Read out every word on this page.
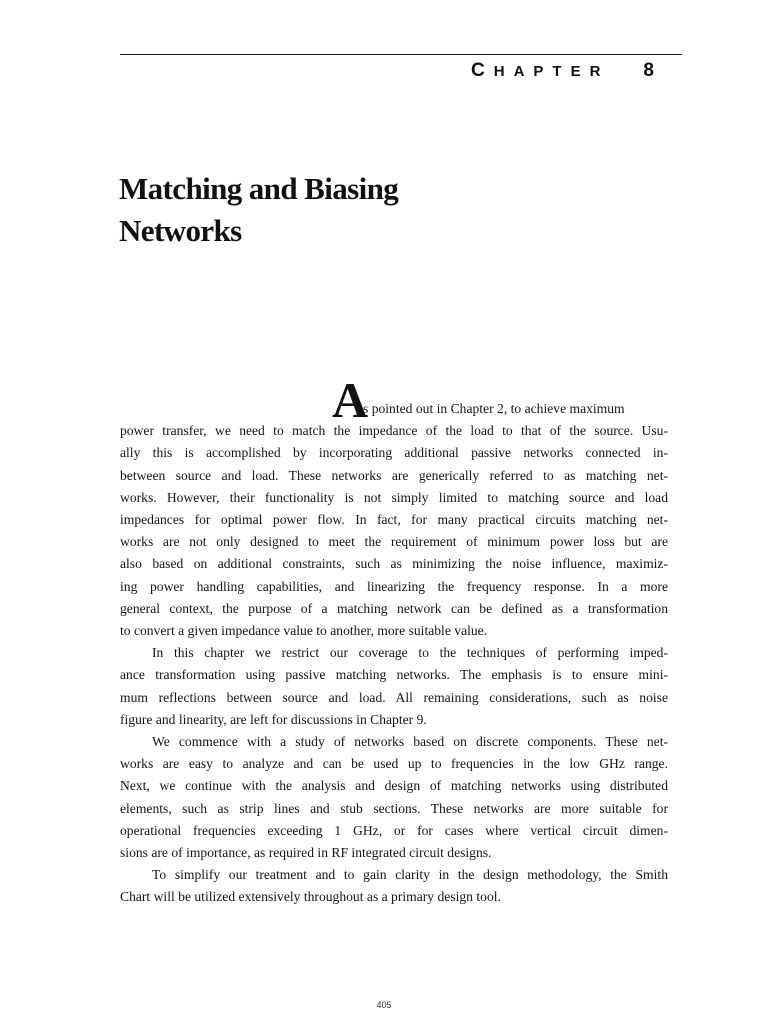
CHAPTER 8
Matching and Biasing
Networks
A
s pointed out in Chapter 2, to achieve maximum
power transfer, we need to match the impedance of the load to that of the source. Usu-
ally this is accomplished by incorporating additional passive networks connected in-
between source and load. These networks are generically referred to as matching net-
works. However, their functionality is not simply limited to matching source and load
impedances for optimal power flow. In fact, for many practical circuits matching net-
works are not only designed to meet the requirement of minimum power loss but are
also based on additional constraints, such as minimizing the noise influence, maximiz-
ing power handling capabilities, and linearizing the frequency response. In a more
general context, the purpose of a matching network can be defined as a transformation
to convert a given impedance value to another, more suitable value.
In this chapter we restrict our coverage to the techniques of performing imped-
ance transformation using passive matching networks. The emphasis is to ensure mini-
mum reflections between source and load. All remaining considerations, such as noise
figure and linearity, are left for discussions in Chapter 9.
We commence with a study of networks based on discrete components. These net-
works are easy to analyze and can be used up to frequencies in the low GHz range.
Next, we continue with the analysis and design of matching networks using distributed
elements, such as strip lines and stub sections. These networks are more suitable for
operational frequencies exceeding 1 GHz, or for cases where vertical circuit dimen-
sions are of importance, as required in RF integrated circuit designs.
To simplify our treatment and to gain clarity in the design methodology, the Smith
Chart will be utilized extensively throughout as a primary design tool.
405
